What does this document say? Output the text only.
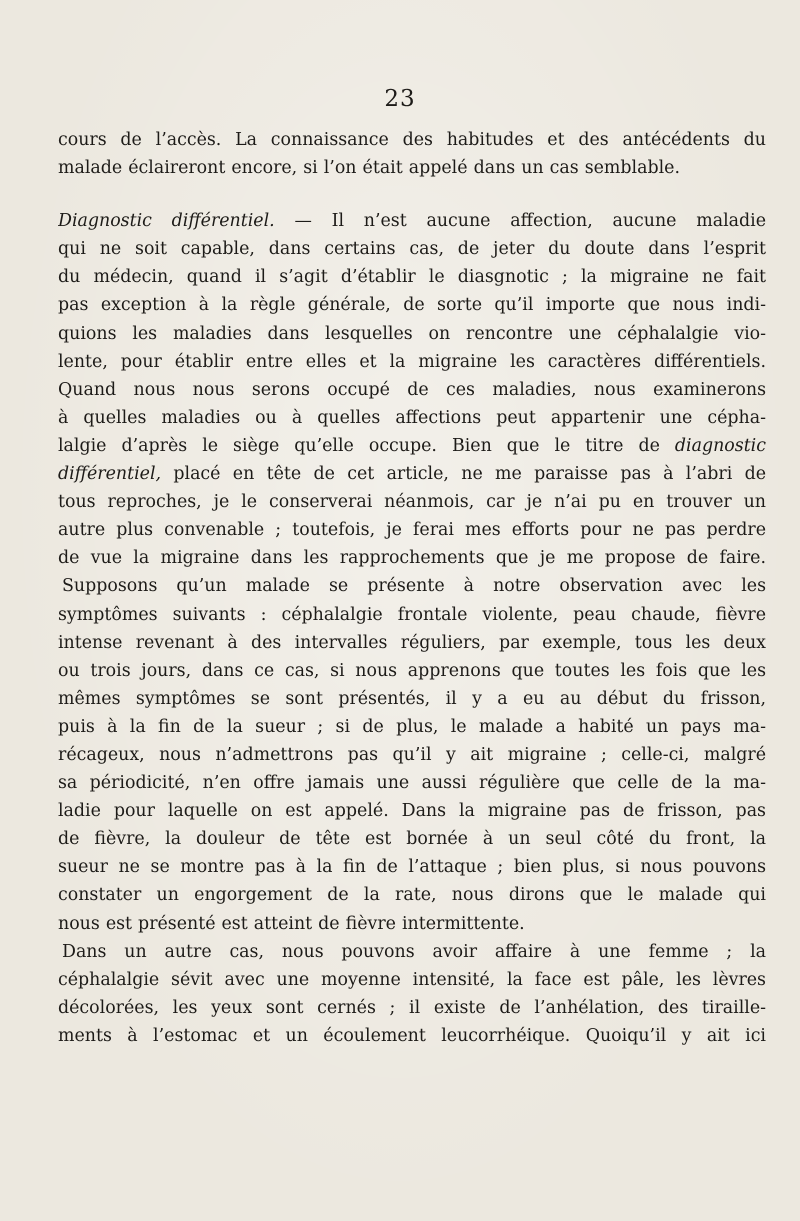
23
cours de l’accès. La connaissance des habitudes et des antécédents du
malade éclaireront encore, si l’on était appelé dans un cas semblable.
Diagnostic différentiel. — Il n’est aucune affection, aucune maladie
qui ne soit capable, dans certains cas, de jeter du doute dans l’esprit
du médecin, quand il s’agit d’établir le diasgnotic ; la migraine ne fait
pas exception à la règle générale, de sorte qu’il importe que nous indi-
quions les maladies dans lesquelles on rencontre une céphalalgie vio-
lente, pour établir entre elles et la migraine les caractères différentiels.
Quand nous nous serons occupé de ces maladies, nous examinerons
à quelles maladies ou à quelles affections peut appartenir une cépha-
lalgie d’après le siège qu’elle occupe. Bien que le titre de diagnostic
différentiel, placé en tête de cet article, ne me paraisse pas à l’abri de
tous reproches, je le conserverai néanmois, car je n’ai pu en trouver un
autre plus convenable ; toutefois, je ferai mes efforts pour ne pas perdre
de vue la migraine dans les rapprochements que je me propose de faire.
Supposons qu’un malade se présente à notre observation avec les
symptômes suivants : céphalalgie frontale violente, peau chaude, fièvre
intense revenant à des intervalles réguliers, par exemple, tous les deux
ou trois jours, dans ce cas, si nous apprenons que toutes les fois que les
mêmes symptômes se sont présentés, il y a eu au début du frisson,
puis à la fin de la sueur ; si de plus, le malade a habité un pays ma-
récageux, nous n’admettrons pas qu’il y ait migraine ; celle-ci, malgré
sa périodicité, n’en offre jamais une aussi régulière que celle de la ma-
ladie pour laquelle on est appelé. Dans la migraine pas de frisson, pas
de fièvre, la douleur de tête est bornée à un seul côté du front, la
sueur ne se montre pas à la fin de l’attaque ; bien plus, si nous pouvons
constater un engorgement de la rate, nous dirons que le malade qui
nous est présenté est atteint de fièvre intermittente.
Dans un autre cas, nous pouvons avoir affaire à une femme ; la
céphalalgie sévit avec une moyenne intensité, la face est pâle, les lèvres
décolorées, les yeux sont cernés ; il existe de l’anhélation, des tiraille-
ments à l’estomac et un écoulement leucorrhéique. Quoiqu’il y ait ici
